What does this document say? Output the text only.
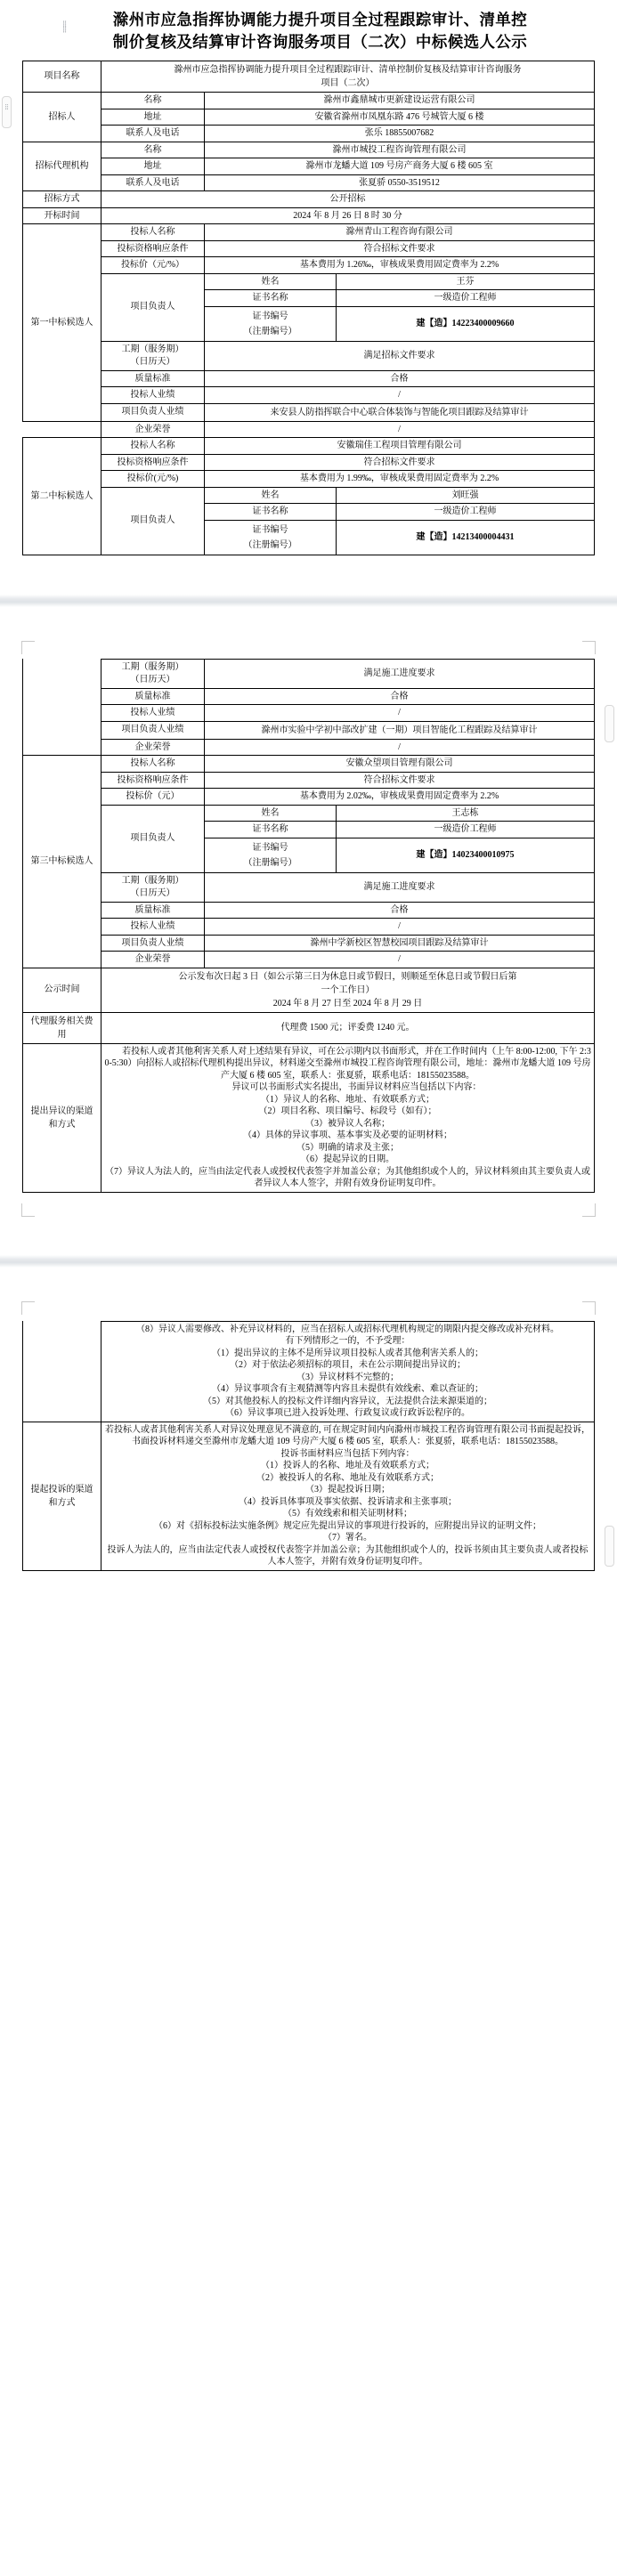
⣿
⣿
⣿
滁州市应急指挥协调能力提升项目全过程跟踪审计、清单控
制价复核及结算审计咨询服务项目（二次）中标候选人公示
项目名称	滁州市应急指挥协调能力提升项目全过程跟踪审计、清单控制价复核及结算审计咨询服务
项目（二次）		
招标人	名称	滁州市鑫鼎城市更新建设运营有限公司	
	地址	安徽省滁州市凤凰东路 476 号城管大厦 6 楼	
	联系人及电话	张乐 18855007682	
招标代理机构	名称	滁州市城投工程咨询管理有限公司	
	地址	滁州市龙蟠大道 109 号房产商务大厦 6 楼 605 室	
	联系人及电话	张夏骄 0550-3519512	
招标方式	公开招标		
开标时间	2024 年 8 月 26 日 8 时 30 分		
第一中标候选人	投标人名称	滁州青山工程咨询有限公司	
	投标资格响应条件	符合招标文件要求	
	投标价（元/%）	基本费用为 1.26‰，审核成果费用固定费率为 2.2%	
	项目负责人	姓名	王芬
		证书名称	一级造价工程师
		证书编号
（注册编号）	建【造】14223400009660
	工期（服务期）
（日历天）	满足招标文件要求	
	质量标准	合格	
	投标人业绩	/	
	项目负责人业绩	来安县人防指挥联合中心联合体装饰与智能化项目跟踪及结算审计	
	企业荣誉	/	
第二中标候选人	投标人名称	安徽瑞佳工程项目管理有限公司	
	投标资格响应条件	符合招标文件要求	
	投标价(元/%)	基本费用为 1.99‰，审核成果费用固定费率为 2.2%	
	项目负责人	姓名	刘旺强
		证书名称	一级造价工程师
		证书编号
（注册编号）	建【造】14213400004431
	工期（服务期）
（日历天）	满足施工进度要求	
	质量标准	合格	
	投标人业绩	/	
	项目负责人业绩	滁州市实验中学初中部改扩建（一期）项目智能化工程跟踪及结算审计	
	企业荣誉	/	
第三中标候选人	投标人名称	安徽众望项目管理有限公司	
	投标资格响应条件	符合招标文件要求	
	投标价（元）	基本费用为 2.02‰，审核成果费用固定费率为 2.2%	
	项目负责人	姓名	王志栋
		证书名称	一级造价工程师
		证书编号
（注册编号）	建【造】14023400010975
	工期（服务期）
（日历天）	满足施工进度要求	
	质量标准	合格	
	投标人业绩	/	
	项目负责人业绩	滁州中学新校区智慧校园项目跟踪及结算审计	
	企业荣誉	/	
公示时间	公示发布次日起 3 日（如公示第三日为休息日或节假日，则顺延至休息日或节假日后第
一个工作日）
2024 年 8 月 27 日至 2024 年 8 月 29 日		
代理服务相关费
用	代理费 1500 元；评委费 1240 元。		
提出异议的渠道
和方式	

若投标人或者其他利害关系人对上述结果有异议，可在公示期内以书面形式，并在工作时间内（上午 8:00-12:00, 下午 2:30-5:30）向招标人或招标代理机构提出异议，材料递交至滁州市城投工程咨询管理有限公司，地址：滁州市龙蟠大道 109 号房产大厦 6 楼 605 室，联系人：张夏骄，联系电话：18155023588。

异议可以书面形式实名提出，书面异议材料应当包括以下内容：

（1）异议人的名称、地址、有效联系方式；

（2）项目名称、项目编号、标段号（如有）；

（3）被异议人名称；

（4）具体的异议事项、基本事实及必要的证明材料；

（5）明确的请求及主张；

（6）提起异议的日期。

（7）异议人为法人的，应当由法定代表人或授权代表签字并加盖公章；为其他组织或个人的，异议材料须由其主要负责人或者异议人本人签字，并附有效身份证明复印件。

（8）异议人需要修改、补充异议材料的，应当在招标人或招标代理机构规定的期限内提交修改或补充材料。

有下列情形之一的，不予受理：

（1）提出异议的主体不是所异议项目投标人或者其他利害关系人的；

（2）对于依法必须招标的项目，未在公示期间提出异议的；

（3）异议材料不完整的；

（4）异议事项含有主观猜测等内容且未提供有效线索、难以查证的；

（5）对其他投标人的投标文件详细内容异议，无法提供合法来源渠道的；

（6）异议事项已进入投诉处理、行政复议或行政诉讼程序的。

提起投诉的渠道
和方式	

若投标人或者其他利害关系人对异议处理意见不满意的, 可在规定时间内向滁州市城投工程咨询管理有限公司书面提起投诉，书面投诉材料递交至滁州市龙蟠大道 109 号房产大厦 6 楼 605 室，联系人：张夏骄，联系电话：18155023588。

投诉书面材料应当包括下列内容：

（1）投诉人的名称、地址及有效联系方式；

（2）被投诉人的名称、地址及有效联系方式；

（3）提起投诉日期；

（4）投诉具体事项及事实依据、投诉请求和主张事项；

（5）有效线索和相关证明材料；

（6）对《招标投标法实施条例》规定应先提出异议的事项进行投诉的，应附提出异议的证明文件；

（7）署名。

投诉人为法人的，应当由法定代表人或授权代表签字并加盖公章；为其他组织或个人的，投诉书须由其主要负责人或者投标人本人签字，并附有效身份证明复印件。
